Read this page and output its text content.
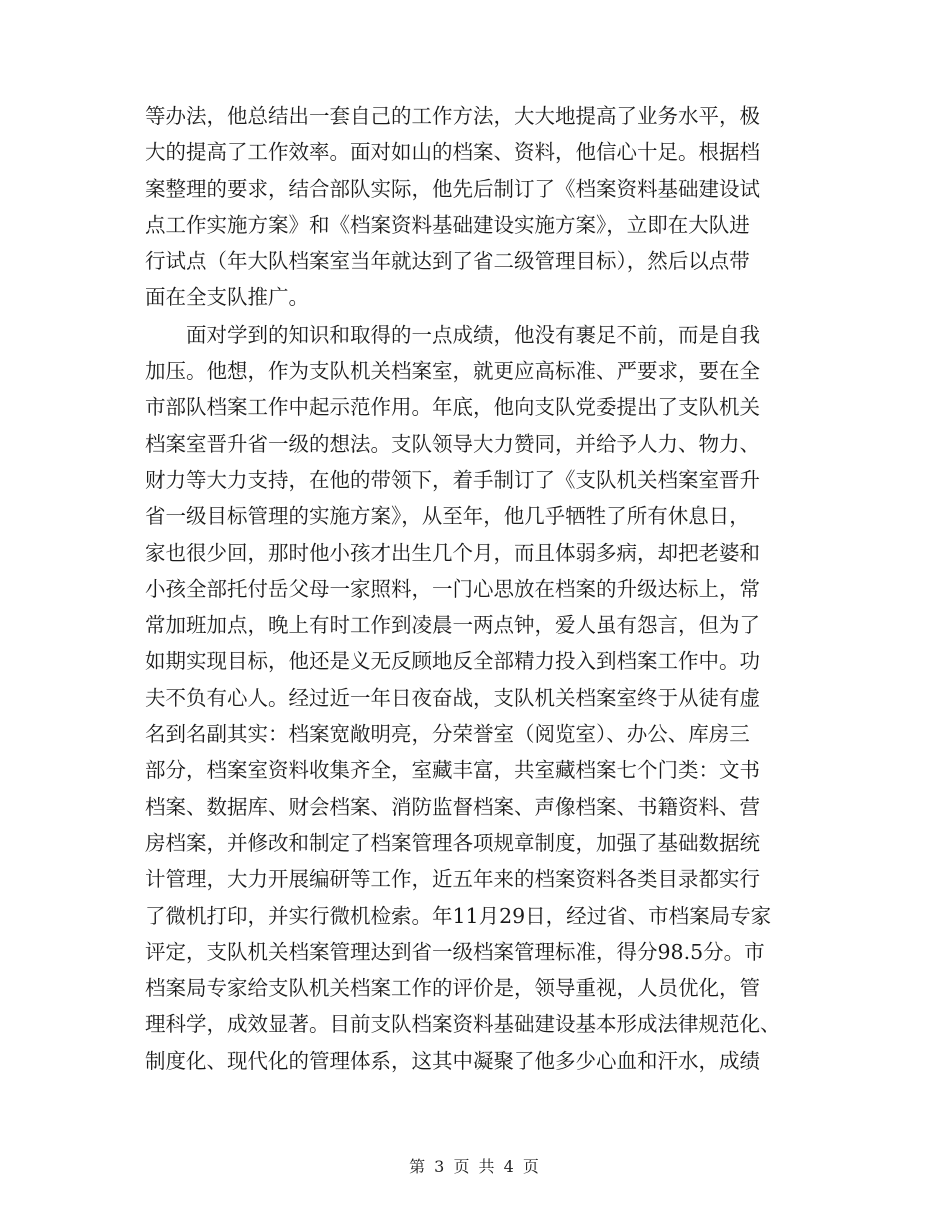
等办法，他总结出一套自己的工作方法，大大地提高了业务水平，极
大的提高了工作效率。面对如山的档案、资料，他信心十足。根据档
案整理的要求，结合部队实际，他先后制订了《档案资料基础建设试
点工作实施方案》和《档案资料基础建设实施方案》，立即在大队进
行试点（年大队档案室当年就达到了省二级管理目标），然后以点带
面在全支队推广。

面对学到的知识和取得的一点成绩，他没有裹足不前，而是自我
加压。他想，作为支队机关档案室，就更应高标准、严要求，要在全
市部队档案工作中起示范作用。年底，他向支队党委提出了支队机关
档案室晋升省一级的想法。支队领导大力赞同，并给予人力、物力、
财力等大力支持，在他的带领下，着手制订了《支队机关档案室晋升
省一级目标管理的实施方案》，从至年，他几乎牺牲了所有休息日，
家也很少回，那时他小孩才出生几个月，而且体弱多病，却把老婆和
小孩全部托付岳父母一家照料，一门心思放在档案的升级达标上，常
常加班加点，晚上有时工作到凌晨一两点钟，爱人虽有怨言，但为了
如期实现目标，他还是义无反顾地反全部精力投入到档案工作中。功
夫不负有心人。经过近一年日夜奋战，支队机关档案室终于从徒有虚
名到名副其实：档案宽敞明亮，分荣誉室（阅览室）、办公、库房三
部分，档案室资料收集齐全，室藏丰富，共室藏档案七个门类：文书
档案、数据库、财会档案、消防监督档案、声像档案、书籍资料、营
房档案，并修改和制定了档案管理各项规章制度，加强了基础数据统
计管理，大力开展编研等工作，近五年来的档案资料各类目录都实行
了微机打印，并实行微机检索。年11月29日，经过省、市档案局专家
评定，支队机关档案管理达到省一级档案管理标准，得分98.5分。市
档案局专家给支队机关档案工作的评价是，领导重视，人员优化，管
理科学，成效显著。目前支队档案资料基础建设基本形成法律规范化、
制度化、现代化的管理体系，这其中凝聚了他多少心血和汗水，成绩

第 3 页 共 4 页
